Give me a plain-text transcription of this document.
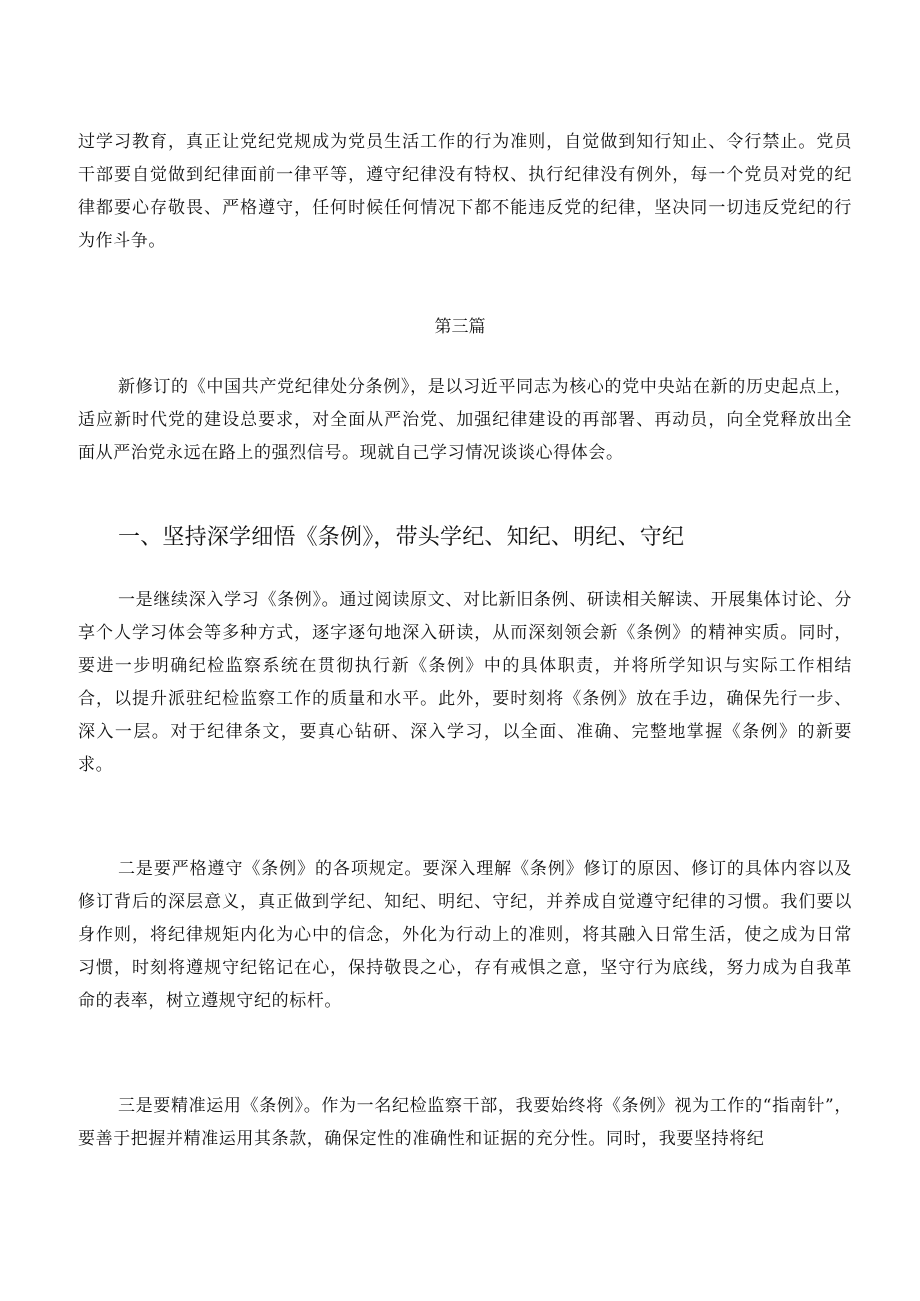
过学习教育，真正让党纪党规成为党员生活工作的行为准则，自觉做到知行知止、令行禁止。党员干部要自觉做到纪律面前一律平等，遵守纪律没有特权、执行纪律没有例外，每一个党员对党的纪律都要心存敬畏、严格遵守，任何时候任何情况下都不能违反党的纪律，坚决同一切违反党纪的行为作斗争。

第三篇

新修订的《中国共产党纪律处分条例》，是以习近平同志为核心的党中央站在新的历史起点上，适应新时代党的建设总要求，对全面从严治党、加强纪律建设的再部署、再动员，向全党释放出全面从严治党永远在路上的强烈信号。现就自己学习情况谈谈心得体会。

一、坚持深学细悟《条例》，带头学纪、知纪、明纪、守纪

一是继续深入学习《条例》。通过阅读原文、对比新旧条例、研读相关解读、开展集体讨论、分享个人学习体会等多种方式，逐字逐句地深入研读，从而深刻领会新《条例》的精神实质。同时，要进一步明确纪检监察系统在贯彻执行新《条例》中的具体职责，并将所学知识与实际工作相结合，以提升派驻纪检监察工作的质量和水平。此外，要时刻将《条例》放在手边，确保先行一步、深入一层。对于纪律条文，要真心钻研、深入学习，以全面、准确、完整地掌握《条例》的新要求。

二是要严格遵守《条例》的各项规定。要深入理解《条例》修订的原因、修订的具体内容以及修订背后的深层意义，真正做到学纪、知纪、明纪、守纪，并养成自觉遵守纪律的习惯。我们要以身作则，将纪律规矩内化为心中的信念，外化为行动上的准则，将其融入日常生活，使之成为日常习惯，时刻将遵规守纪铭记在心，保持敬畏之心，存有戒惧之意，坚守行为底线，努力成为自我革命的表率，树立遵规守纪的标杆。

三是要精准运用《条例》。作为一名纪检监察干部，我要始终将《条例》视为工作的“指南针”，要善于把握并精准运用其条款，确保定性的准确性和证据的充分性。同时，我要坚持将纪
